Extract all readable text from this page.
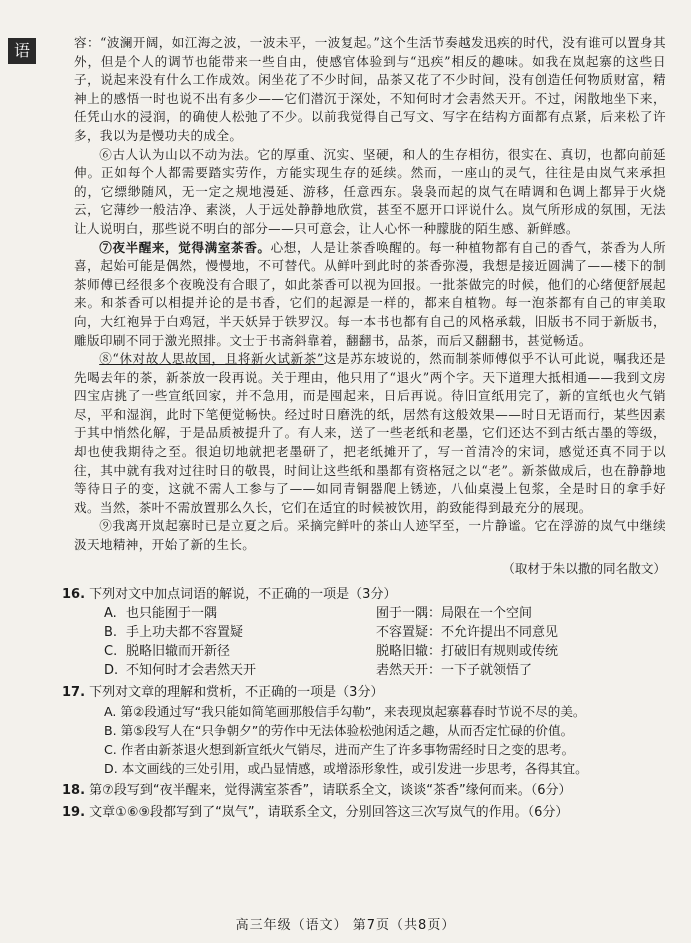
语	容：“波澜开阔，如江海之波，一波未平，一波复起。”这个生活节奏越发迅疾的时代，没有谁可以置身其外，但是个人的调节也能带来一些自由，使感官体验到与“迅疾”相反的趣味。如我在岚起寨的这些日子，说起来没有什么工作成效。闲坐花了不少时间，品茶又花了不少时间，没有创造任何物质财富，精神上的感悟一时也说不出有多少——它们潜沉于深处，不知何时才会砉然天开。不过，闲散地坐下来，任凭山水的浸润，的确使人松弛了不少。以前我觉得自己写文、写字在结构方面都有点紧，后来松了许多，我以为是慢功夫的成全。

⑥古人认为山以不动为法。它的厚重、沉实、坚硬，和人的生存相彷，很实在、真切，也都向前延伸。正如每个人都需要踏实劳作，方能实现生存的延续。然而，一座山的灵气，往往是由岚气来承担的，它缥缈随风，无一定之规地漫延、游移，任意西东。袅袅而起的岚气在晴调和色调上都异于火烧云，它薄纱一般洁净、素淡，人于远处静静地欣赏，甚至不愿开口评说什么。岚气所形成的氛围，无法让人说明白，那些说不明白的部分——只可意会，让人心怀一种朦胧的陌生感、新鲜感。

⑦夜半醒来，觉得满室茶香。心想，人是让茶香唤醒的。每一种植物都有自己的香气，茶香为人所喜，起始可能是偶然，慢慢地，不可替代。从鲜叶到此时的茶香弥漫，我想是接近圆满了——楼下的制茶师傅已经很多个夜晚没有合眼了，如此茶香可以视为回报。一批茶做完的时候，他们的心绪便舒展起来。和茶香可以相提并论的是书香，它们的起源是一样的，都来自植物。每一泡茶都有自己的审美取向，大红袍异于白鸡冠，半天妖异于铁罗汉。每一本书也都有自己的风格承载，旧版书不同于新版书，雕版印刷不同于激光照排。文士于书斋斜靠着，翻翻书，品茶，而后又翻翻书，甚觉畅适。

⑧“休对故人思故国，且将新火试新茶”这是苏东坡说的，然而制茶师傅似乎不认可此说，嘱我还是先喝去年的茶，新茶放一段再说。关于理由，他只用了“退火”两个字。天下道理大抵相通——我到文房四宝店挑了一些宣纸回家，并不急用，而是囤起来，日后再说。待旧宣纸用完了，新的宣纸也火气销尽，平和湿润，此时下笔便觉畅快。经过时日磨洗的纸，居然有这般效果——时日无语而行，某些因素于其中悄然化解，于是品质被提升了。有人来，送了一些老纸和老墨，它们还达不到古纸古墨的等级，却也使我期待之至。很迫切地就把老墨研了，把老纸摊开了，写一首清冷的宋词，感觉还真不同于以往，其中就有我对过往时日的敬畏，时间让这些纸和墨都有资格冠之以“老”。新茶做成后，也在静静地等待日子的变，这就不需人工参与了——如同青铜器爬上锈迹，八仙桌漫上包浆，全是时日的拿手好戏。当然，茶叶不需放置那么久长，它们在适宜的时候被饮用，韵致能得到最充分的展现。

⑨我离开岚起寨时已是立夏之后。采摘完鲜叶的茶山人迹罕至，一片静谧。它在浮游的岚气中继续汲天地精神，开始了新的生长。

（取材于朱以撒的同名散文）
16. 下列对文中加点词语的解说，不正确的一项是（3分）
A. 也只能囿于一隅	囿于一隅：局限在一个空间
B. 手上功夫都不容置疑	不容置疑：不允许提出不同意见
C. 脱略旧辙而开新径	脱略旧辙：打破旧有规则或传统
D. 不知何时才会砉然天开	砉然天开：一下子就领悟了
17. 下列对文章的理解和赏析，不正确的一项是（3分）
A. 第②段通过写“我只能如简笔画那般信手勾勒”，来表现岚起寨暮春时节说不尽的美。
B. 第⑤段写人在“只争朝夕”的劳作中无法体验松弛闲适之趣，从而否定忙碌的价值。
C. 作者由新茶退火想到新宣纸火气销尽，进而产生了许多事物需经时日之变的思考。
D. 本文画线的三处引用，或凸显情感，或增添形象性，或引发进一步思考，各得其宜。
18. 第⑦段写到“夜半醒来，觉得满室茶香”，请联系全文，谈谈“茶香”缘何而来。（6分）
19. 文章①⑥⑨段都写到了“岚气”，请联系全文，分别回答这三次写岚气的作用。（6分）
高三年级（语文） 第7页（共8页）
